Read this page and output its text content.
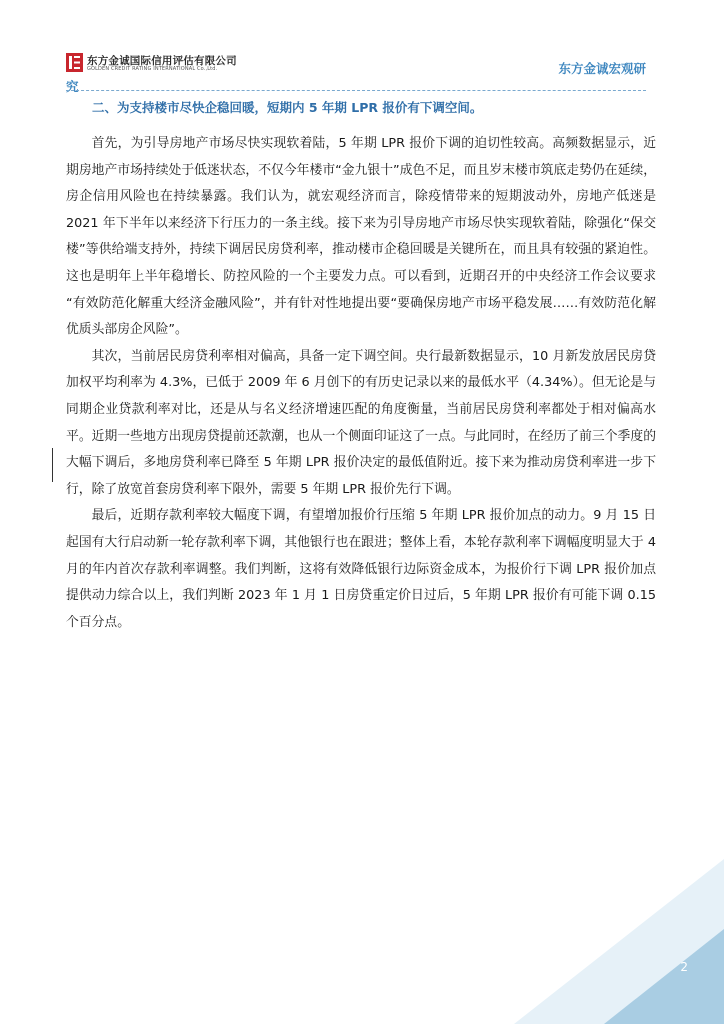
东方金诚国际信用评估有限公司
GOLDEN CREDIT RATING INTERNATIONAL Co.,Ltd.	东方金诚宏观研
究
二、为支持楼市尽快企稳回暖，短期内 5 年期 LPR 报价有下调空间。

首先，为引导房地产市场尽快实现软着陆，5 年期 LPR 报价下调的迫切性较高。高频数据显示，近期房地产市场持续处于低迷状态，不仅今年楼市“金九银十”成色不足，而且岁末楼市筑底走势仍在延续，房企信用风险也在持续暴露。我们认为，就宏观经济而言，除疫情带来的短期波动外，房地产低迷是 2021 年下半年以来经济下行压力的一条主线。接下来为引导房地产市场尽快实现软着陆，除强化“保交楼”等供给端支持外，持续下调居民房贷利率，推动楼市企稳回暖是关键所在，而且具有较强的紧迫性。这也是明年上半年稳增长、防控风险的一个主要发力点。可以看到，近期召开的中央经济工作会议要求 “有效防范化解重大经济金融风险”，并有针对性地提出要“要确保房地产市场平稳发展……有效防范化解优质头部房企风险”。

其次，当前居民房贷利率相对偏高，具备一定下调空间。央行最新数据显示，10 月新发放居民房贷加权平均利率为 4.3%，已低于 2009 年 6 月创下的有历史记录以来的最低水平（4.34%）。但无论是与同期企业贷款利率对比，还是从与名义经济增速匹配的角度衡量，当前居民房贷利率都处于相对偏高水平。近期一些地方出现房贷提前还款潮，也从一个侧面印证这了一点。与此同时，在经历了前三个季度的大幅下调后，多地房贷利率已降至 5 年期 LPR 报价决定的最低值附近。接下来为推动房贷利率进一步下行，除了放宽首套房贷利率下限外，需要 5 年期 LPR 报价先行下调。

最后，近期存款利率较大幅度下调，有望增加报价行压缩 5 年期 LPR 报价加点的动力。9 月 15 日起国有大行启动新一轮存款利率下调，其他银行也在跟进；整体上看，本轮存款利率下调幅度明显大于 4 月的年内首次存款利率调整。我们判断，这将有效降低银行边际资金成本，为报价行下调 LPR 报价加点提供动力综合以上，我们判断 2023 年 1 月 1 日房贷重定价日过后，5 年期 LPR 报价有可能下调 0.15 个百分点。

2
